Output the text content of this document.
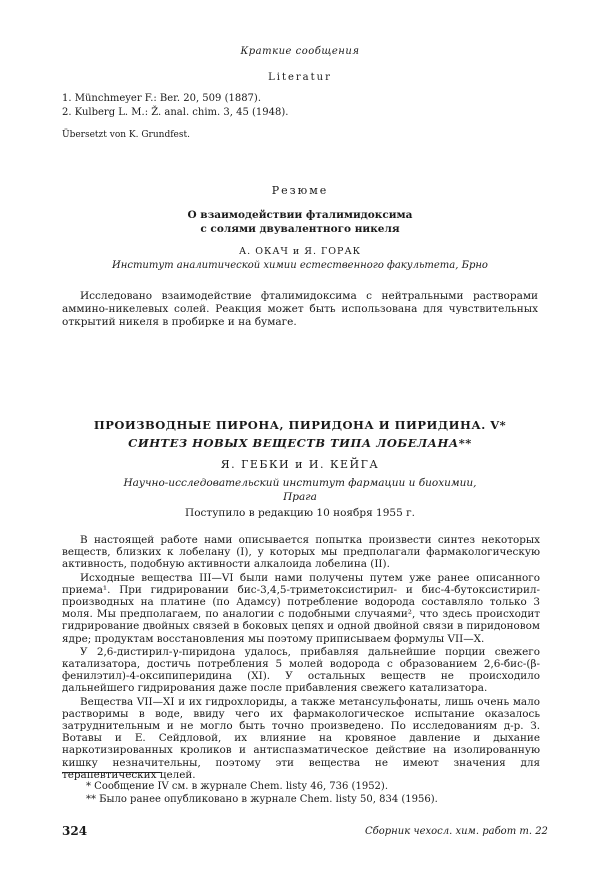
Краткие сообщения
Literatur
1. Münchmeyer F.: Ber. 20, 509 (1887).
2. Kulberg L. M.: Ž. anal. chim. 3, 45 (1948).
Übersetzt von K. Grundfest.
Резюме
О взаимодействии фталимидоксима
с солями двувалентного никеля
А. ОКАЧ и Я. ГОРАК
Институт аналитической химии естественного факультета, Брно

Исследовано взаимодействие фталимидоксима с нейтральными растворами аммино-никелевых солей. Реакция может быть использована для чувствительных открытий никеля в пробирке и на бумаге.

ПРОИЗВОДНЫЕ ПИРОНА, ПИРИДОНА И ПИРИДИНА. V*
СИНТЕЗ НОВЫХ ВЕЩЕСТВ ТИПА ЛОБЕЛАНА**
Я. ГЕБКИ и И. КЕЙГА
Научно-исследовательский институт фармации и биохимии,
Прага
Поступило в редакцию 10 ноября 1955 г.

В настоящей работе нами описывается попытка произвести синтез некоторых веществ, близких к лобелану (I), у которых мы предполагали фармакологическую активность, подобную активности алкалоида лобелина (II).

Исходные вещества III—VI были нами получены путем уже ранее описанного приема¹. При гидрировании бис-3,4,5-триметоксистирил- и бис-4-бутоксистирил-производных на платине (по Адамсу) потребление водорода составляло только 3 моля. Мы предполагаем, по аналогии с подобными случаями², что здесь происходит гидрирование двойных связей в боковых цепях и одной двойной связи в пиридоновом ядре; продуктам восстановления мы поэтому приписываем формулы VII—X.

У 2,6-дистирил-γ-пиридона удалось, прибавляя дальнейшие порции свежего катализатора, достичь потребления 5 молей водорода с образованием 2,6-бис-(β-фенилэтил)-4-оксипиперидина (XI). У остальных веществ не происходило дальнейшего гидрирования даже после прибавления свежего катализатора.

Вещества VII—XI и их гидрохлориды, а также метансульфонаты, лишь очень мало растворимы в воде, ввиду чего их фармакологическое испытание оказалось затруднительным и не могло быть точно произведено. По исследованиям д-р. З. Вотавы и Е. Сейдловой, их влияние на кровяное давление и дыхание наркотизированных кроликов и антиспазматическое действие на изолированную кишку незначительны, поэтому эти вещества не имеют значения для терапевтических целей.

* Сообщение IV см. в журнале Chem. listy 46, 736 (1952).
** Было ранее опубликовано в журнале Chem. listy 50, 834 (1956).
324	Сборник чехосл. хим. работ т. 22
